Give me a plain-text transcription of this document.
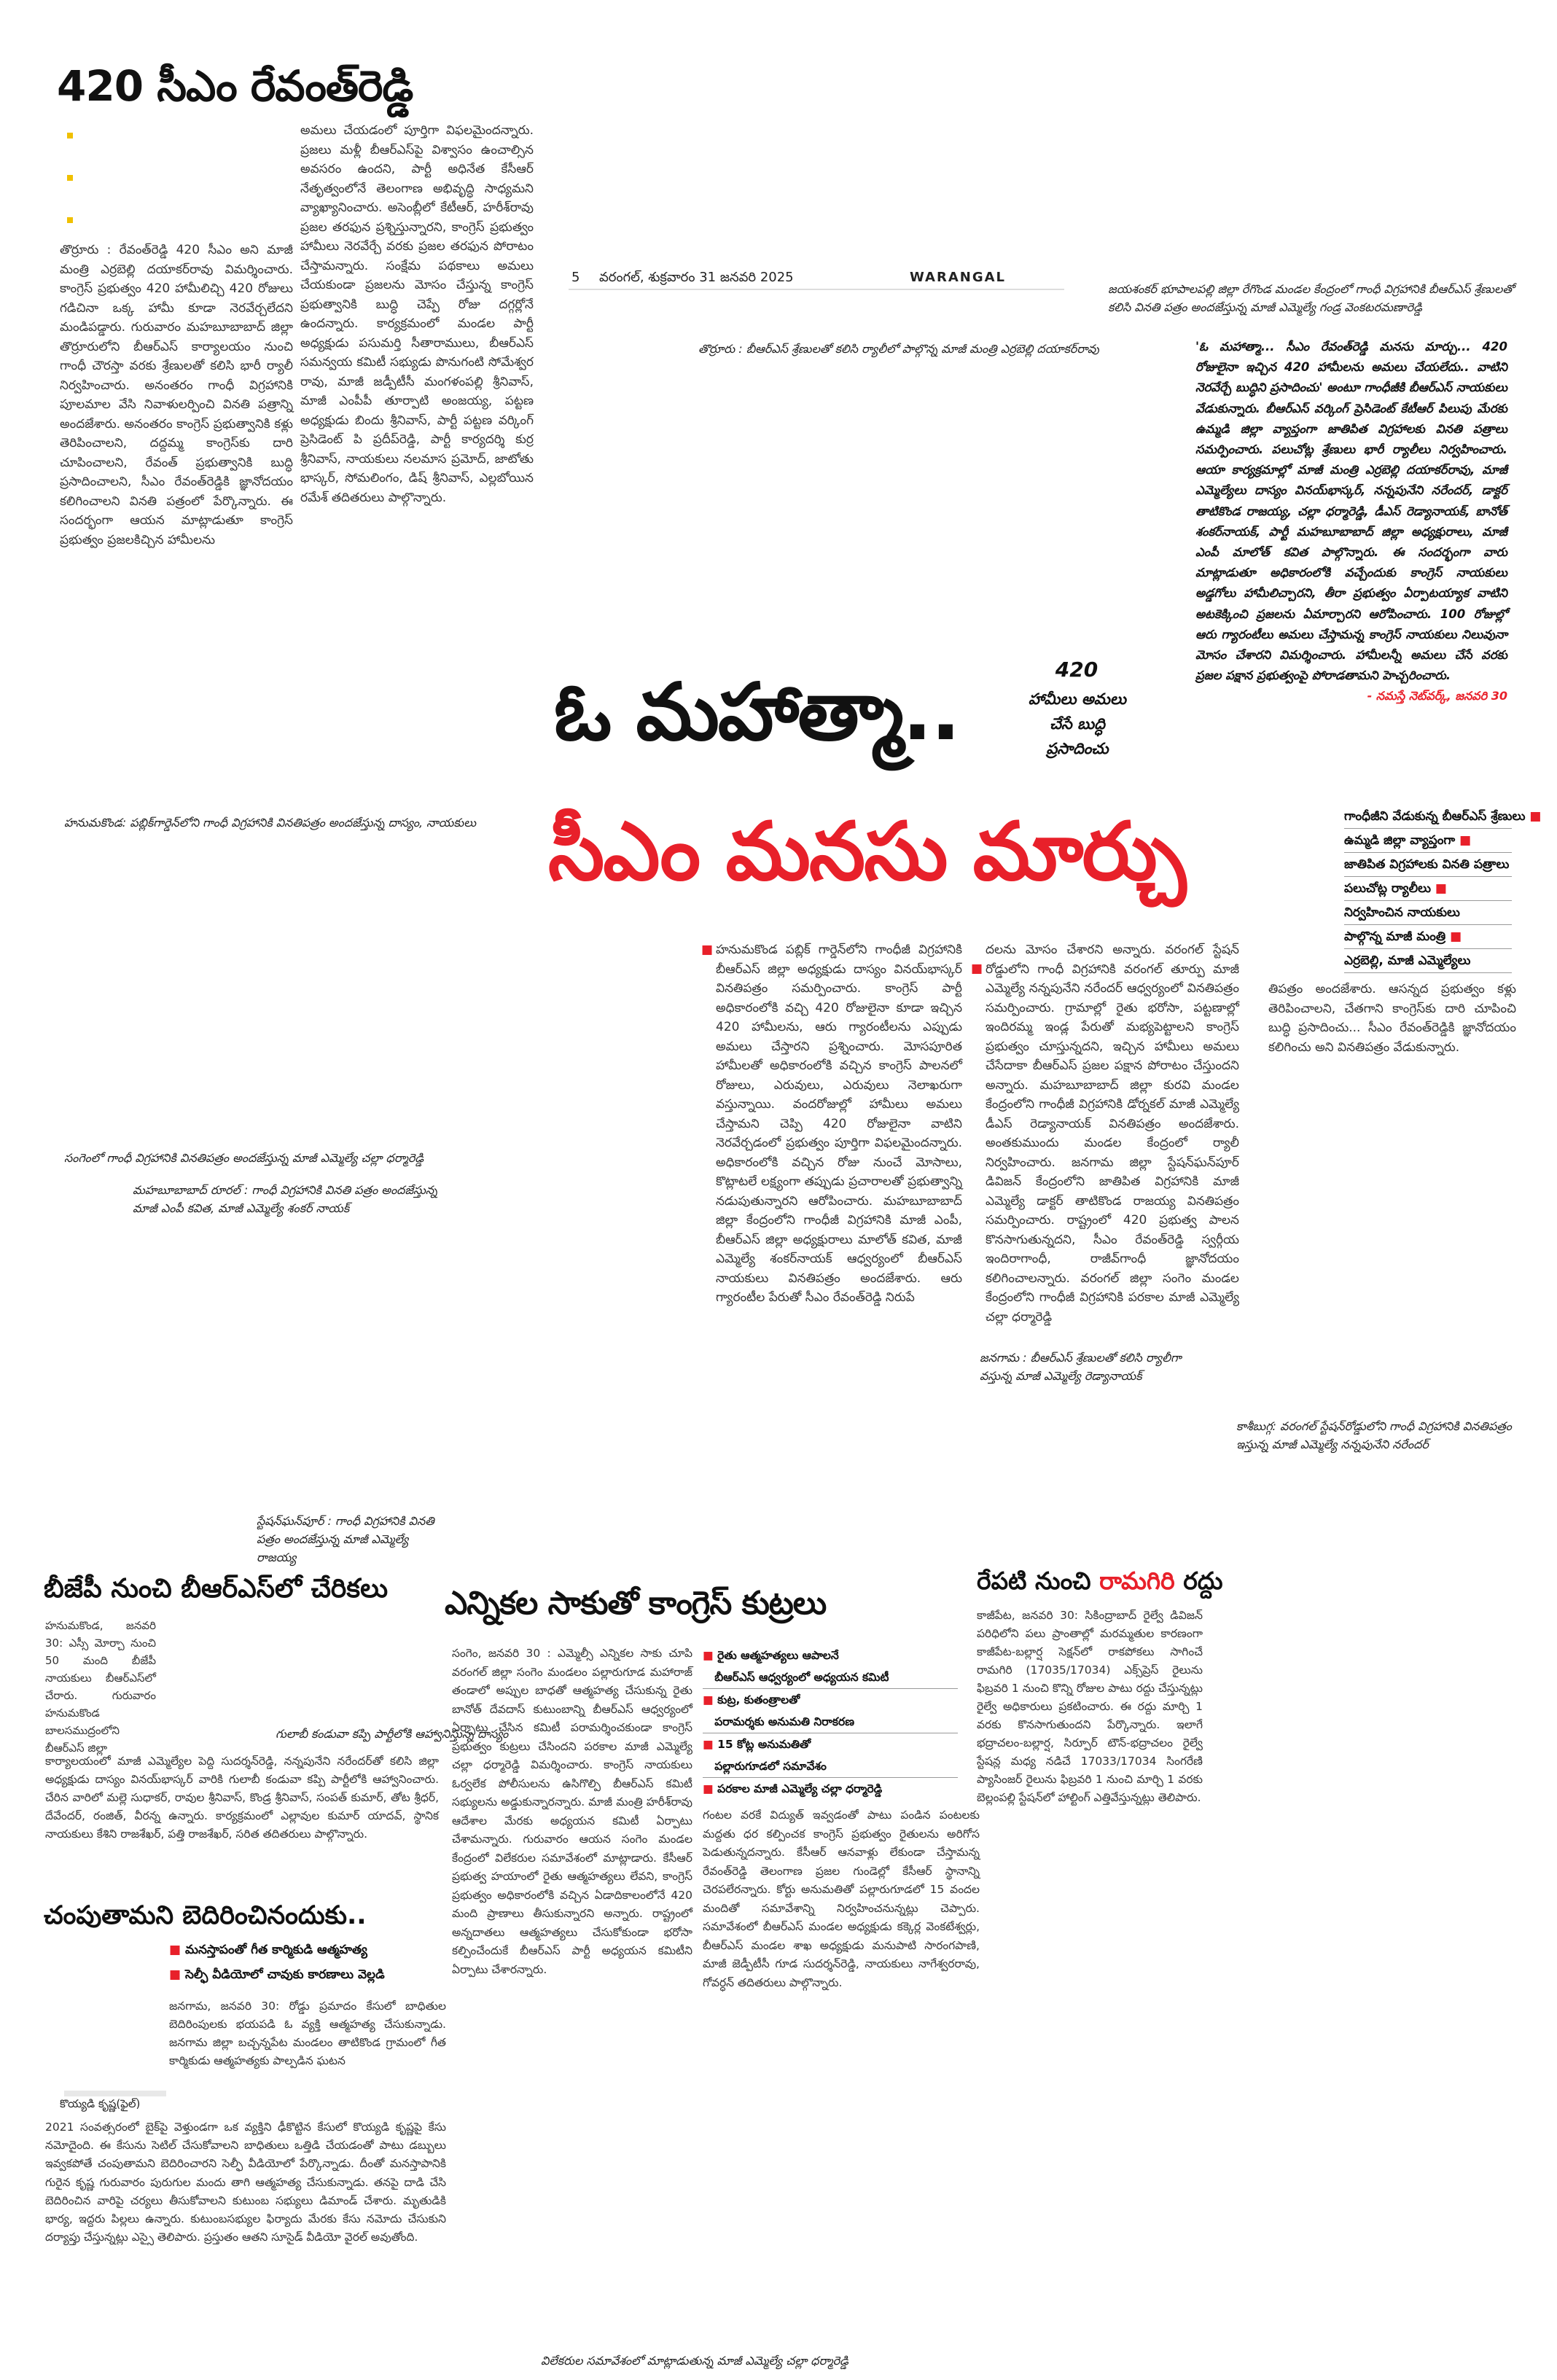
420 సీఎం రేవంత్‌రెడ్డి
తొర్రూరు : రేవంత్‌రెడ్డి 420 సీఎం అని మాజీ మంత్రి ఎర్రబెల్లి దయాకర్‌రావు విమర్శించారు. కాంగ్రెస్ ప్రభుత్వం 420 హామీలిచ్చి 420 రోజులు గడిచినా ఒక్క హామీ కూడా నెరవేర్చలేదని మండిపడ్డారు. గురువారం మహబూబాబాద్ జిల్లా తొర్రూరులోని బీఆర్‌ఎస్ కార్యాలయం నుంచి గాంధీ చౌరస్తా వరకు శ్రేణులతో కలిసి భారీ ర్యాలీ నిర్వహించారు. అనంతరం గాంధీ విగ్రహానికి పూలమాల వేసి నివాళులర్పించి వినతి పత్రాన్ని అందజేశారు. అనంతరం కాంగ్రెస్ ప్రభుత్వానికి కళ్లు తెరిపించాలని, దద్దమ్మ కాంగ్రెస్‌కు దారి చూపించాలని, రేవంత్ ప్రభుత్వానికి బుద్ధి ప్రసాదించాలని, సీఎం రేవంత్‌రెడ్డికి జ్ఞానోదయం కలిగించాలని వినతి పత్రంలో పేర్కొన్నారు. ఈ సందర్భంగా ఆయన మాట్లాడుతూ కాంగ్రెస్ ప్రభుత్వం ప్రజలకిచ్చిన హామీలను
అమలు చేయడంలో పూర్తిగా విఫలమైందన్నారు. ప్రజలు మళ్లీ బీఆర్‌ఎస్‌పై విశ్వాసం ఉంచాల్సిన అవసరం ఉందని, పార్టీ అధినేత కేసీఆర్ నేతృత్వంలోనే తెలంగాణ అభివృద్ధి సాధ్యమని వ్యాఖ్యానించారు. అసెంబ్లీలో కేటీఆర్, హరీశ్‌రావు ప్రజల తరఫున ప్రశ్నిస్తున్నారని, కాంగ్రెస్ ప్రభుత్వం హామీలు నెరవేర్చే వరకు ప్రజల తరఫున పోరాటం చేస్తామన్నారు. సంక్షేమ పథకాలు అమలు చేయకుండా ప్రజలను మోసం చేస్తున్న కాంగ్రెస్ ప్రభుత్వానికి బుద్ధి చెప్పే రోజు దగ్గర్లోనే ఉందన్నారు. కార్యక్రమంలో మండల పార్టీ అధ్యక్షుడు పసుమర్తి సీతారాములు, బీఆర్‌ఎస్ సమన్వయ కమిటీ సభ్యుడు పొనుగంటి సోమేశ్వర రావు, మాజీ జడ్పీటీసీ మంగళంపల్లి శ్రీనివాస్, మాజీ ఎంపీపీ తూర్పాటి అంజయ్య, పట్టణ అధ్యక్షుడు బిందు శ్రీనివాస్, పార్టీ పట్టణ వర్కింగ్ ప్రెసిడెంట్ పి ప్రదీప్‌రెడ్డి, పార్టీ కార్యదర్శి కుర్ర శ్రీనివాస్, నాయకులు నలమాస ప్రమోద్, జాటోతు భాస్కర్, సోమలింగం, డిష్ శ్రీనివాస్, ఎల్లబోయిన రమేశ్ తదితరులు పాల్గొన్నారు.
5 వరంగల్, శుక్రవారం 31 జనవరి 2025	WARANGAL
జయశంకర్ భూపాలపల్లి జిల్లా రేగొండ మండల కేంద్రంలో గాంధీ విగ్రహానికి బీఆర్‌ఎస్ శ్రేణులతో కలిసి వినతి పత్రం అందజేస్తున్న మాజీ ఎమ్మెల్యే గండ్ర వెంకటరమణారెడ్డి
తొర్రూరు : బీఆర్‌ఎస్ శ్రేణులతో కలిసి ర్యాలీలో పాల్గొన్న మాజీ మంత్రి ఎర్రబెల్లి దయాకర్‌రావు	'ఓ మహాత్మా... సీఎం రేవంత్‌రెడ్డి మనసు మార్చు... 420 రోజులైనా ఇచ్చిన 420 హామీలను అమలు చేయలేదు.. వాటిని నెరవేర్చే బుద్ధిని ప్రసాదించు' అంటూ గాంధీజీకి బీఆర్‌ఎస్ నాయకులు వేడుకున్నారు. బీఆర్‌ఎస్ వర్కింగ్ ప్రెసిడెంట్ కేటీఆర్ పిలుపు మేరకు ఉమ్మడి జిల్లా వ్యాప్తంగా జాతిపిత విగ్రహాలకు వినతి పత్రాలు సమర్పించారు. పలుచోట్ల శ్రేణులు భారీ ర్యాలీలు నిర్వహించారు. ఆయా కార్యక్రమాల్లో మాజీ మంత్రి ఎర్రబెల్లి దయాకర్‌రావు, మాజీ ఎమ్మెల్యేలు దాస్యం వినయ్‌భాస్కర్, నన్నపునేని నరేందర్, డాక్టర్ తాటికొండ రాజయ్య, చల్లా ధర్మారెడ్డి, డీఎస్ రెడ్యానాయక్, బానోత్ శంకర్‌నాయక్, పార్టీ మహబూబాబాద్ జిల్లా అధ్యక్షురాలు, మాజీ ఎంపీ మాలోత్ కవిత పాల్గొన్నారు. ఈ సందర్భంగా వారు మాట్లాడుతూ అధికారంలోకి వచ్చేందుకు కాంగ్రెస్ నాయకులు అడ్డగోలు హామీలిచ్చారని, తీరా ప్రభుత్వం ఏర్పాటయ్యాక వాటిని అటకెక్కించి ప్రజలను ఏమార్చారని ఆరోపించారు. 100 రోజుల్లో ఆరు గ్యారంటీలు అమలు చేస్తామన్న కాంగ్రెస్ నాయకులు నిలువునా మోసం చేశారని విమర్శించారు. హామీలన్నీ అమలు చేసే వరకు ప్రజల పక్షాన ప్రభుత్వంపై పోరాడతామని హెచ్చరించారు.
- నమస్తే నెట్‌వర్క్, జనవరి 30
420
హామీలు అమలు చేసే బుద్ధి ప్రసాదించు
ఓ మహాత్మా..
సీఎం మనసు మార్చు	గాంధీజీని వేడుకున్న బీఆర్‌ఎస్ శ్రేణులు ■
ఉమ్మడి జిల్లా వ్యాప్తంగా ■
జాతిపిత విగ్రహాలకు వినతి పత్రాలు
పలుచోట్ల ర్యాలీలు ■
నిర్వహించిన నాయకులు
పాల్గొన్న మాజీ మంత్రి ■
ఎర్రబెల్లి, మాజీ ఎమ్మెల్యేలు
హనుమకొండ: పబ్లిక్‌గార్డెన్‌లోని గాంధీ విగ్రహానికి వినతిపత్రం అందజేస్తున్న దాస్యం, నాయకులు
సంగెంలో గాంధీ విగ్రహానికి వినతిపత్రం అందజేస్తున్న మాజీ ఎమ్మెల్యే చల్లా ధర్మారెడ్డి
మహబూబాబాద్ రూరల్ : గాంధీ విగ్రహానికి వినతి పత్రం అందజేస్తున్న మాజీ ఎంపీ కవిత, మాజీ ఎమ్మెల్యే శంకర్ నాయక్
■ హనుమకొండ పబ్లిక్ గార్డెన్‌లోని గాంధీజీ విగ్రహానికి బీఆర్‌ఎస్ జిల్లా అధ్యక్షుడు దాస్యం వినయ్‌భాస్కర్ వినతిపత్రం సమర్పించారు. కాంగ్రెస్ పార్టీ అధికారంలోకి వచ్చి 420 రోజులైనా కూడా ఇచ్చిన 420 హామీలను, ఆరు గ్యారంటీలను ఎప్పుడు అమలు చేస్తారని ప్రశ్నించారు. మోసపూరిత హామీలతో అధికారంలోకి వచ్చిన కాంగ్రెస్ పాలనలో రోజులు, ఎరువులు, ఎరువులు నెలాఖరుగా వస్తున్నాయి. వందరోజుల్లో హామీలు అమలు చేస్తామని చెప్పి 420 రోజులైనా వాటిని నెరవేర్చడంలో ప్రభుత్వం పూర్తిగా విఫలమైందన్నారు. అధికారంలోకి వచ్చిన రోజు నుంచే మోసాలు, కొట్లాటలే లక్ష్యంగా తప్పుడు ప్రచారాలతో ప్రభుత్వాన్ని నడుపుతున్నారని ఆరోపించారు. మహబూబాబాద్ జిల్లా కేంద్రంలోని గాంధీజీ విగ్రహానికి మాజీ ఎంపీ, బీఆర్‌ఎస్ జిల్లా అధ్యక్షురాలు మాలోత్ కవిత, మాజీ ఎమ్మెల్యే శంకర్‌నాయక్ ఆధ్వర్యంలో బీఆర్‌ఎస్ నాయకులు వినతిపత్రం అందజేశారు. ఆరు గ్యారంటీల పేరుతో సీఎం రేవంత్‌రెడ్డి నిరుపే
■
దలను మోసం చేశారని అన్నారు. వరంగల్ స్టేషన్ రోడ్డులోని గాంధీ విగ్రహానికి వరంగల్ తూర్పు మాజీ ఎమ్మెల్యే నన్నపునేని నరేందర్ ఆధ్వర్యంలో వినతిపత్రం సమర్పించారు. గ్రామాల్లో రైతు భరోసా, పట్టణాల్లో ఇందిరమ్మ ఇండ్ల పేరుతో మభ్యపెట్టాలని కాంగ్రెస్ ప్రభుత్వం చూస్తున్నదని, ఇచ్చిన హామీలు అమలు చేసేదాకా బీఆర్‌ఎస్ ప్రజల పక్షాన పోరాటం చేస్తుందని అన్నారు. మహబూబాబాద్ జిల్లా కురవి మండల కేంద్రంలోని గాంధీజీ విగ్రహానికి డోర్నకల్ మాజీ ఎమ్మెల్యే డీఎస్ రెడ్యానాయక్ వినతిపత్రం అందజేశారు. అంతకుముందు మండల కేంద్రంలో ర్యాలీ నిర్వహించారు. జనగామ జిల్లా స్టేషన్‌ఘన్‌పూర్ డివిజన్ కేంద్రంలోని జాతిపిత విగ్రహానికి మాజీ ఎమ్మెల్యే డాక్టర్ తాటికొండ రాజయ్య వినతిపత్రం సమర్పించారు. రాష్ట్రంలో 420 ప్రభుత్వ పాలన కొనసాగుతున్నదని, సీఎం రేవంత్‌రెడ్డి స్వర్గీయ ఇందిరాగాంధీ, రాజీవ్‌గాంధీ జ్ఞానోదయం కలిగించాలన్నారు. వరంగల్ జిల్లా సంగెం మండల కేంద్రంలోని గాంధీజీ విగ్రహానికి పరకాల మాజీ ఎమ్మెల్యే చల్లా ధర్మారెడ్డి
తిపత్రం అందజేశారు. ఆసన్నద ప్రభుత్వం కళ్లు తెరిపించాలని, చేతగాని కాంగ్రెస్‌కు దారి చూపించి బుద్ధి ప్రసాదించు... సీఎం రేవంత్‌రెడ్డికి జ్ఞానోదయం కలిగించు అని వినతిపత్రం వేడుకున్నారు.
జనగామ : బీఆర్‌ఎస్ శ్రేణులతో కలిసి ర్యాలీగా వస్తున్న మాజీ ఎమ్మెల్యే రెడ్యానాయక్
కాశీబుగ్గ: వరంగల్ స్టేషన్‌రోడ్డులోని గాంధీ విగ్రహానికి వినతిపత్రం ఇస్తున్న మాజీ ఎమ్మెల్యే నన్నపునేని నరేందర్
స్టేషన్‌ఘన్‌పూర్ : గాంధీ విగ్రహానికి వినతి పత్రం అందజేస్తున్న మాజీ ఎమ్మెల్యే రాజయ్య
బీజేపీ నుంచి బీఆర్‌ఎస్‌లో చేరికలు
హనుమకొండ, జనవరి 30: ఎస్సీ మోర్చా నుంచి 50 మంది బీజేపీ నాయకులు బీఆర్‌ఎస్‌లో చేరారు. గురువారం హనుమకొండ బాలసముద్రంలోని బీఆర్‌ఎస్ జిల్లా
గులాబీ కండువా కప్పి పార్టీలోకి ఆహ్వానిస్తున్న దాస్యం
కార్యాలయంలో మాజీ ఎమ్మెల్యేల పెద్ది సుదర్శన్‌రెడ్డి, నన్నపునేని నరేందర్‌తో కలిసి జిల్లా అధ్యక్షుడు దాస్యం వినయ్‌భాస్కర్ వారికి గులాబీ కండువా కప్పి పార్టీలోకి ఆహ్వానించారు. చేరిన వారిలో మల్లె సుధాకర్, రావుల శ్రీనివాస్, కొండ్ర శ్రీనివాస్, సంపత్ కుమార్, తోట శ్రీధర్, దేవేందర్, రంజిత్, వీరన్న ఉన్నారు. కార్యక్రమంలో ఎల్లావుల కుమార్ యాదవ్, స్థానిక నాయకులు కేశిని రాజశేఖర్, పత్తి రాజశేఖర్, సరిత తదితరులు పాల్గొన్నారు.
చంపుతామని బెదిరించినందుకు..
■ మనస్తాపంతో గీత కార్మికుడి ఆత్మహత్య
■ సెల్ఫీ వీడియోలో చావుకు కారణాలు వెల్లడి
జనగామ, జనవరి 30: రోడ్డు ప్రమాదం కేసులో బాధితుల బెదిరింపులకు భయపడి ఓ వ్యక్తి ఆత్మహత్య చేసుకున్నాడు. జనగామ జిల్లా బచ్చన్నపేట మండలం తాటికొండ గ్రామంలో గీత కార్మికుడు ఆత్మహత్యకు పాల్పడిన ఘటన
కొయ్యడి కృష్ణ(ఫైల్)
2021 సంవత్సరంలో బైక్‌పై వెళ్తుండగా ఒక వ్యక్తిని ఢీకొట్టిన కేసులో కొయ్యడి కృష్ణపై కేసు నమోదైంది. ఈ కేసును సెటిల్ చేసుకోవాలని బాధితులు ఒత్తిడి చేయడంతో పాటు డబ్బులు ఇవ్వకపోతే చంపుతామని బెదిరించారని సెల్ఫీ వీడియోలో పేర్కొన్నాడు. దీంతో మనస్తాపానికి గురైన కృష్ణ గురువారం పురుగుల మందు తాగి ఆత్మహత్య చేసుకున్నాడు. తనపై దాడి చేసి బెదిరించిన వారిపై చర్యలు తీసుకోవాలని కుటుంబ సభ్యులు డిమాండ్ చేశారు. మృతుడికి భార్య, ఇద్దరు పిల్లలు ఉన్నారు. కుటుంబసభ్యుల ఫిర్యాదు మేరకు కేసు నమోదు చేసుకుని దర్యాప్తు చేస్తున్నట్లు ఎస్సై తెలిపారు. ప్రస్తుతం ఆతని సూసైడ్ వీడియో వైరల్ అవుతోంది.
ఎన్నికల సాకుతో కాంగ్రెస్ కుట్రలు
సంగెం, జనవరి 30 : ఎమ్మెల్సీ ఎన్నికల సాకు చూపి వరంగల్ జిల్లా సంగెం మండలం పల్లారుగూడ మహారాజ్ తండాలో అప్పుల బాధతో ఆత్మహత్య చేసుకున్న రైతు బానోత్ దేవదాస్ కుటుంబాన్ని బీఆర్‌ఎస్ ఆధ్వర్యంలో ఏర్పాటు చేసిన కమిటీ పరామర్శించకుండా కాంగ్రెస్ ప్రభుత్వం కుట్రలు చేసిందని పరకాల మాజీ ఎమ్మెల్యే చల్లా ధర్మారెడ్డి విమర్శించారు. కాంగ్రెస్ నాయకులు ఓర్వలేక పోలీసులను ఉసిగొల్పి బీఆర్‌ఎస్ కమిటీ సభ్యులను అడ్డుకున్నారన్నారు. మాజీ మంత్రి హరీశ్‌రావు ఆదేశాల మేరకు అధ్యయన కమిటీ ఏర్పాటు చేశామన్నారు. గురువారం ఆయన సంగెం మండల కేంద్రంలో విలేకరుల సమావేశంలో మాట్లాడారు. కేసీఆర్ ప్రభుత్వ హయాంలో రైతు ఆత్మహత్యలు లేవని, కాంగ్రెస్ ప్రభుత్వం అధికారంలోకి వచ్చిన ఏడాదికాలంలోనే 420 మంది ప్రాణాలు తీసుకున్నారని అన్నారు. రాష్ట్రంలో అన్నదాతలు ఆత్మహత్యలు చేసుకోకుండా భరోసా కల్పించేందుకే బీఆర్‌ఎస్ పార్టీ అధ్యయన కమిటీని ఏర్పాటు చేశారన్నారు.
■ రైతు ఆత్మహత్యలు ఆపాలనే
బీఆర్‌ఎస్ ఆధ్వర్యంలో అధ్యయన కమిటీ
■ కుట్ర, కుతంత్రాలతో
పరామర్శకు అనుమతి నిరాకరణ
■ 15 కోట్ల అనుమతితో
పల్లారుగూడలో సమావేశం
■ పరకాల మాజీ ఎమ్మెల్యే చల్లా ధర్మారెడ్డి
గంటల వరకే విద్యుత్ ఇవ్వడంతో పాటు పండిన పంటలకు మద్దతు ధర కల్పించక కాంగ్రెస్ ప్రభుత్వం రైతులను అరిగోస పెడుతున్నదన్నారు. కేసీఆర్ ఆనవాళ్లు లేకుండా చేస్తామన్న రేవంత్‌రెడ్డి తెలంగాణ ప్రజల గుండెల్లో కేసీఆర్ స్థానాన్ని చెరపలేరన్నారు. కోర్టు అనుమతితో పల్లారుగూడలో 15 వందల మందితో సమావేశాన్ని నిర్వహించనున్నట్లు చెప్పారు. సమావేశంలో బీఆర్‌ఎస్ మండల అధ్యక్షుడు కక్కెర్ల వెంకటేశ్వర్లు, బీఆర్‌ఎస్ మండల శాఖ అధ్యక్షుడు మనుపాటి సారంగపాణి, మాజీ జెడ్పీటీసీ గూడ సుదర్శన్‌రెడ్డి, నాయకులు నాగేశ్వరరావు, గోవర్ధన్ తదితరులు పాల్గొన్నారు.
రేపటి నుంచి రామగిరి రద్దు
కాజీపేట, జనవరి 30: సికింద్రాబాద్ రైల్వే డివిజన్ పరిధిలోని పలు ప్రాంతాల్లో మరమ్మతుల కారణంగా కాజీపేట-బల్లార్ష సెక్షన్‌లో రాకపోకలు సాగించే రామగిరి (17035/17034) ఎక్స్‌ప్రెస్ రైలును ఫిబ్రవరి 1 నుంచి కొన్ని రోజుల పాటు రద్దు చేస్తున్నట్లు రైల్వే అధికారులు ప్రకటించారు. ఈ రద్దు మార్చి 1 వరకు కొనసాగుతుందని పేర్కొన్నారు. ఇలాగే భద్రాచలం-బల్లార్ష, సిర్పూర్ టౌన్-భద్రాచలం రైల్వే స్టేషన్ల మధ్య నడిచే 17033/17034 సింగరేణి ప్యాసింజర్ రైలును ఫిబ్రవరి 1 నుంచి మార్చి 1 వరకు బెల్లంపల్లి స్టేషన్‌లో హాల్టింగ్ ఎత్తివేస్తున్నట్లు తెలిపారు.
విలేకరుల సమావేశంలో మాట్లాడుతున్న మాజీ ఎమ్మెల్యే చల్లా ధర్మారెడ్డి
